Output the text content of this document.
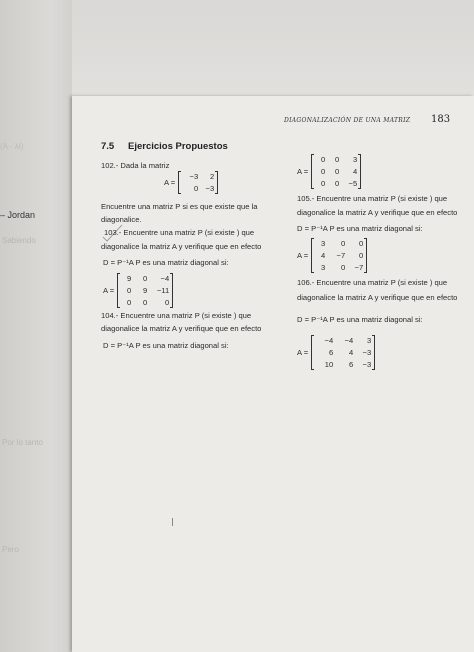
(A - λI)
– Jordan
Sabiendo
Por lo tanto
Pero
DIAGONALIZACIÓN DE UNA MATRIZ 183
7.5 Ejercicios Propuestos
102.- Dada la matriz
A =
−3	2
0 −3
Encuentre una matriz P si es que existe que la
diagonalice.
103.- Encuentre una matriz P (si existe ) que
diagonalice la matriz A y verifique que en efecto
D = P⁻¹A P es una matriz diagonal si:
A =
9	0	−4
0	9	−11
0	0	0
104.- Encuentre una matriz P (si existe ) que
diagonalice la matriz A y verifique que en efecto
D = P⁻¹A P es una matriz diagonal si:
A =
0	0	3
0	0	4
0	0	−5
105.- Encuentre una matriz P (si existe ) que
diagonalice la matriz A y verifique que en efecto
D = P⁻¹A P es una matriz diagonal si:
A =
3	0	0
4	−7	0
3	0	−7
106.- Encuentre una matriz P (si existe ) que
diagonalice la matriz A y verifique que en efecto
D = P⁻¹A P es una matriz diagonal si:
A =
−4	−4	3
6	4	−3
10	6	−3
